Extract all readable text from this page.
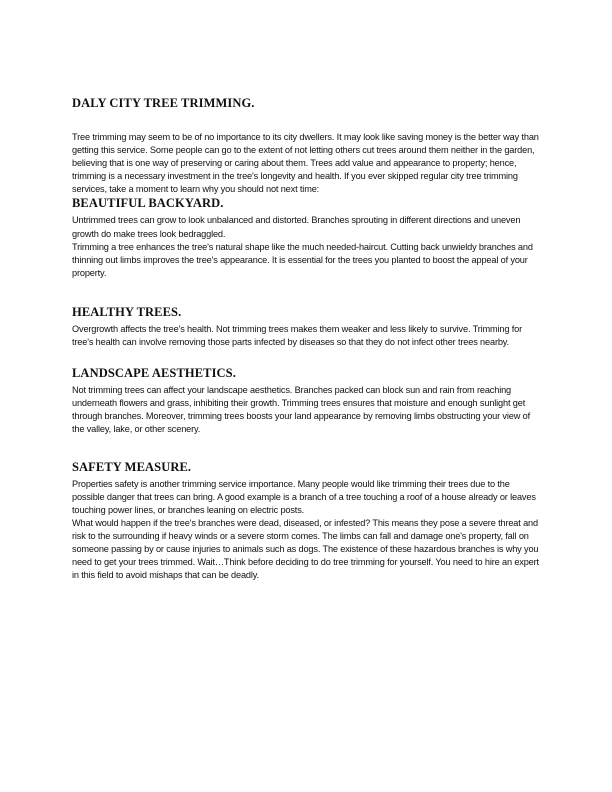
DALY CITY TREE TRIMMING.

Tree trimming may seem to be of no importance to its city dwellers. It may look like saving money is the better way than getting this service. Some people can go to the extent of not letting others cut trees around them neither in the garden, believing that is one way of preserving or caring about them. Trees add value and appearance to property; hence, trimming is a necessary investment in the tree's longevity and health. If you ever skipped regular city tree trimming services, take a moment to learn why you should not next time:

BEAUTIFUL BACKYARD.

Untrimmed trees can grow to look unbalanced and distorted. Branches sprouting in different directions and uneven growth do make trees look bedraggled.

Trimming a tree enhances the tree's natural shape like the much needed-haircut. Cutting back unwieldy branches and thinning out limbs improves the tree's appearance. It is essential for the trees you planted to boost the appeal of your property.

HEALTHY TREES.

Overgrowth affects the tree's health. Not trimming trees makes them weaker and less likely to survive. Trimming for tree's health can involve removing those parts infected by diseases so that they do not infect other trees nearby.

LANDSCAPE AESTHETICS.

Not trimming trees can affect your landscape aesthetics. Branches packed can block sun and rain from reaching underneath flowers and grass, inhibiting their growth. Trimming trees ensures that moisture and enough sunlight get through branches. Moreover, trimming trees boosts your land appearance by removing limbs obstructing your view of the valley, lake, or other scenery.

SAFETY MEASURE.

Properties safety is another trimming service importance. Many people would like trimming their trees due to the possible danger that trees can bring. A good example is a branch of a tree touching a roof of a house already or leaves touching power lines, or branches leaning on electric posts.

What would happen if the tree's branches were dead, diseased, or infested? This means they pose a severe threat and risk to the surrounding if heavy winds or a severe storm comes. The limbs can fall and damage one's property, fall on someone passing by or cause injuries to animals such as dogs. The existence of these hazardous branches is why you need to get your trees trimmed. Wait…Think before deciding to do tree trimming for yourself. You need to hire an expert in this field to avoid mishaps that can be deadly.
